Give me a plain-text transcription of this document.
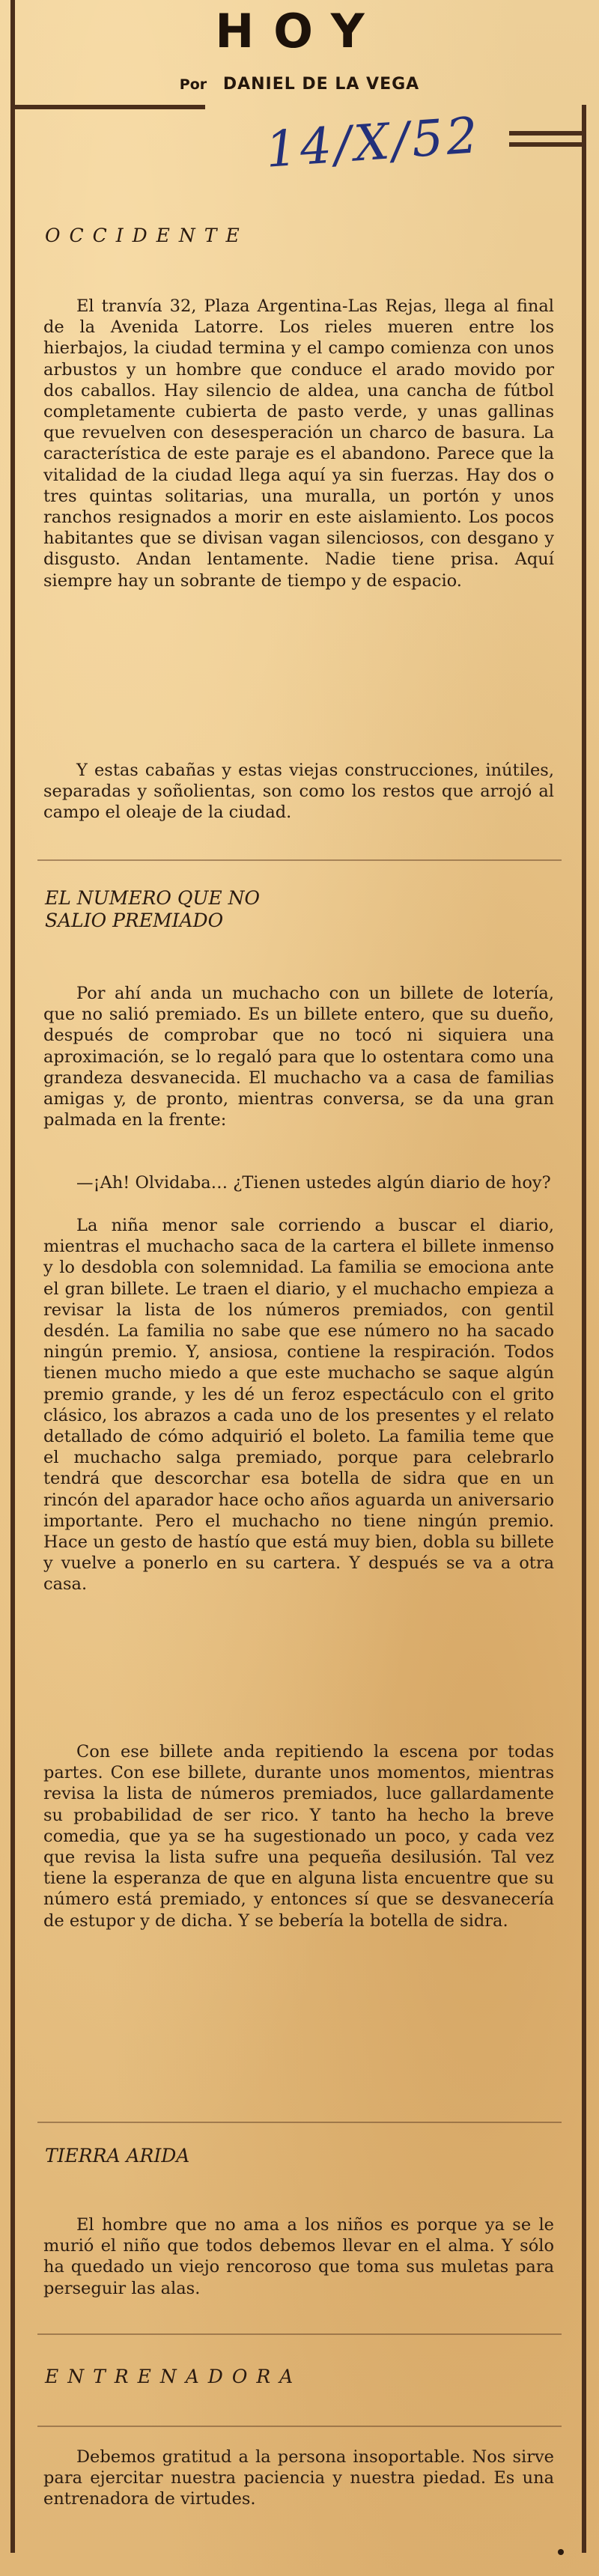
HOY
Por DANIEL DE LA VEGA
14/X/52
OCCIDENTE

El tranvía 32, Plaza Argentina-Las Rejas, llega al final de la Avenida Latorre. Los rieles mueren entre los hierbajos, la ciudad termina y el campo comienza con unos arbustos y un hombre que conduce el arado movido por dos caballos. Hay silencio de aldea, una cancha de fútbol completamente cubierta de pasto verde, y unas gallinas que revuelven con desesperación un charco de basura. La característica de este paraje es el abandono. Parece que la vitalidad de la ciudad llega aquí ya sin fuerzas. Hay dos o tres quintas solitarias, una muralla, un portón y unos ranchos resignados a morir en este aislamiento. Los pocos habitantes que se divisan vagan silenciosos, con desgano y disgusto. Andan lentamente. Nadie tiene prisa. Aquí siempre hay un sobrante de tiempo y de espacio.

Y estas cabañas y estas viejas construcciones, inútiles, separadas y soñolientas, son como los restos que arrojó al campo el oleaje de la ciudad.

EL NUMERO QUE NO
SALIO PREMIADO

Por ahí anda un muchacho con un billete de lotería, que no salió premiado. Es un billete entero, que su dueño, después de comprobar que no tocó ni siquiera una aproximación, se lo regaló para que lo ostentara como una grandeza desvanecida. El muchacho va a casa de familias amigas y, de pronto, mientras conversa, se da una gran palmada en la frente:

—¡Ah! Olvidaba… ¿Tienen ustedes algún diario de hoy?

La niña menor sale corriendo a buscar el diario, mientras el muchacho saca de la cartera el billete inmenso y lo desdobla con solemnidad. La familia se emociona ante el gran billete. Le traen el diario, y el muchacho empieza a revisar la lista de los números premiados, con gentil desdén. La familia no sabe que ese número no ha sacado ningún premio. Y, ansiosa, contiene la respiración. Todos tienen mucho miedo a que este muchacho se saque algún premio grande, y les dé un feroz espectáculo con el grito clásico, los abrazos a cada uno de los presentes y el relato detallado de cómo adquirió el boleto. La familia teme que el muchacho salga premiado, porque para celebrarlo tendrá que descorchar esa botella de sidra que en un rincón del aparador hace ocho años aguarda un aniversario importante. Pero el muchacho no tiene ningún premio. Hace un gesto de hastío que está muy bien, dobla su billete y vuelve a ponerlo en su cartera. Y después se va a otra casa.

Con ese billete anda repitiendo la escena por todas partes. Con ese billete, durante unos momentos, mientras revisa la lista de números premiados, luce gallardamente su probabilidad de ser rico. Y tanto ha hecho la breve comedia, que ya se ha sugestionado un poco, y cada vez que revisa la lista sufre una pequeña desilusión. Tal vez tiene la esperanza de que en alguna lista encuentre que su número está premiado, y entonces sí que se desvanecería de estupor y de dicha. Y se bebería la botella de sidra.

TIERRA ARIDA

El hombre que no ama a los niños es porque ya se le murió el niño que todos debemos llevar en el alma. Y sólo ha quedado un viejo rencoroso que toma sus muletas para perseguir las alas.

ENTRENADORA

Debemos gratitud a la persona insoportable. Nos sirve para ejercitar nuestra paciencia y nuestra piedad. Es una entrenadora de virtudes.
